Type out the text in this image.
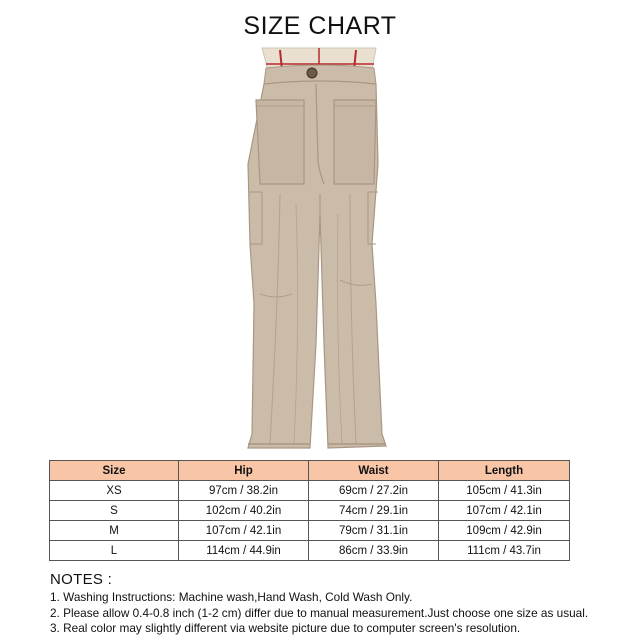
SIZE CHART
Size	Hip	Waist	Length
XS	97cm / 38.2in	69cm / 27.2in	105cm / 41.3in
S	102cm / 40.2in	74cm / 29.1in	107cm / 42.1in
M	107cm / 42.1in	79cm / 31.1in	109cm / 42.9in
L	114cm / 44.9in	86cm / 33.9in	111cm / 43.7in
NOTES :
1. Washing Instructions: Machine wash,Hand Wash, Cold Wash Only.
2. Please allow 0.4-0.8 inch (1-2 cm) differ due to manual measurement.Just choose one size as usual.
3. Real color may slightly different via website picture due to computer screen's resolution.
